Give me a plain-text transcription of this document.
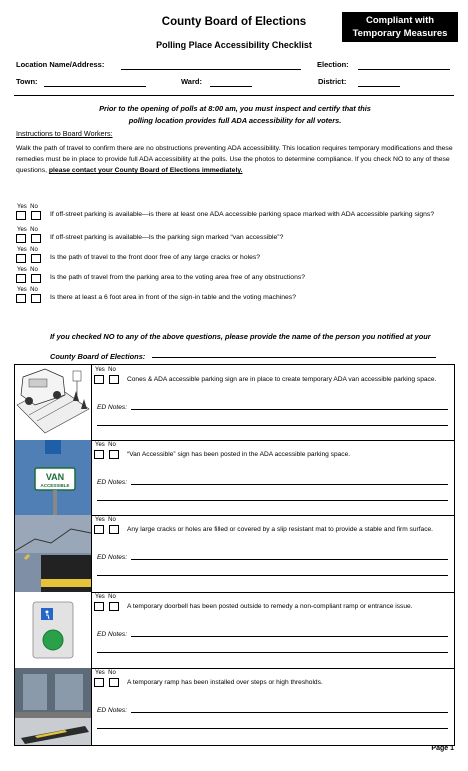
County Board of Elections	Compliant with
Temporary Measures
Polling Place Accessibility Checklist
Location Name/Address:	Election:
Town:	Ward:	District:
Prior to the opening of polls at 8:00 am, you must inspect and certify that this
polling location provides full ADA accessibility for all voters.
Instructions to Board Workers:
Walk the path of travel to confirm there are no obstructions preventing ADA accessibility. This location requires temporary modifications and these remedies must be in place to provide full ADA accessibility at the polls. Use the photos to determine compliance. If you check NO to any of these questions, please contact your County Board of Elections immediately.
Yes No
If off-street parking is available—is there at least one ADA accessible parking space marked with ADA accessible parking signs?
Yes No
If off-street parking is available—Is the parking sign marked “van accessible”?
Yes No
Is the path of travel to the front door free of any large cracks or holes?
Yes No
Is the path of travel from the parking area to the voting area free of any obstructions?
Yes No
Is there at least a 6 foot area in front of the sign-in table and the voting machines?
If you checked NO to any of the above questions, please provide the name of the person you notified at your
County Board of Elections:
Yes No
Cones & ADA accessible parking sign are in place to create temporary ADA van accessible parking space.
ED Notes:
VAN
ACCESSIBLE
Yes No
“Van Accessible” sign has been posted in the ADA accessible parking space.
ED Notes:
Yes No
Any large cracks or holes are filled or covered by a slip resistant mat to provide a stable and firm surface.
ED Notes:
Yes No
A temporary doorbell has been posted outside to remedy a non-compliant ramp or entrance issue.
ED Notes:
Yes No
A temporary ramp has been installed over steps or high thresholds.
ED Notes:
Page 1
